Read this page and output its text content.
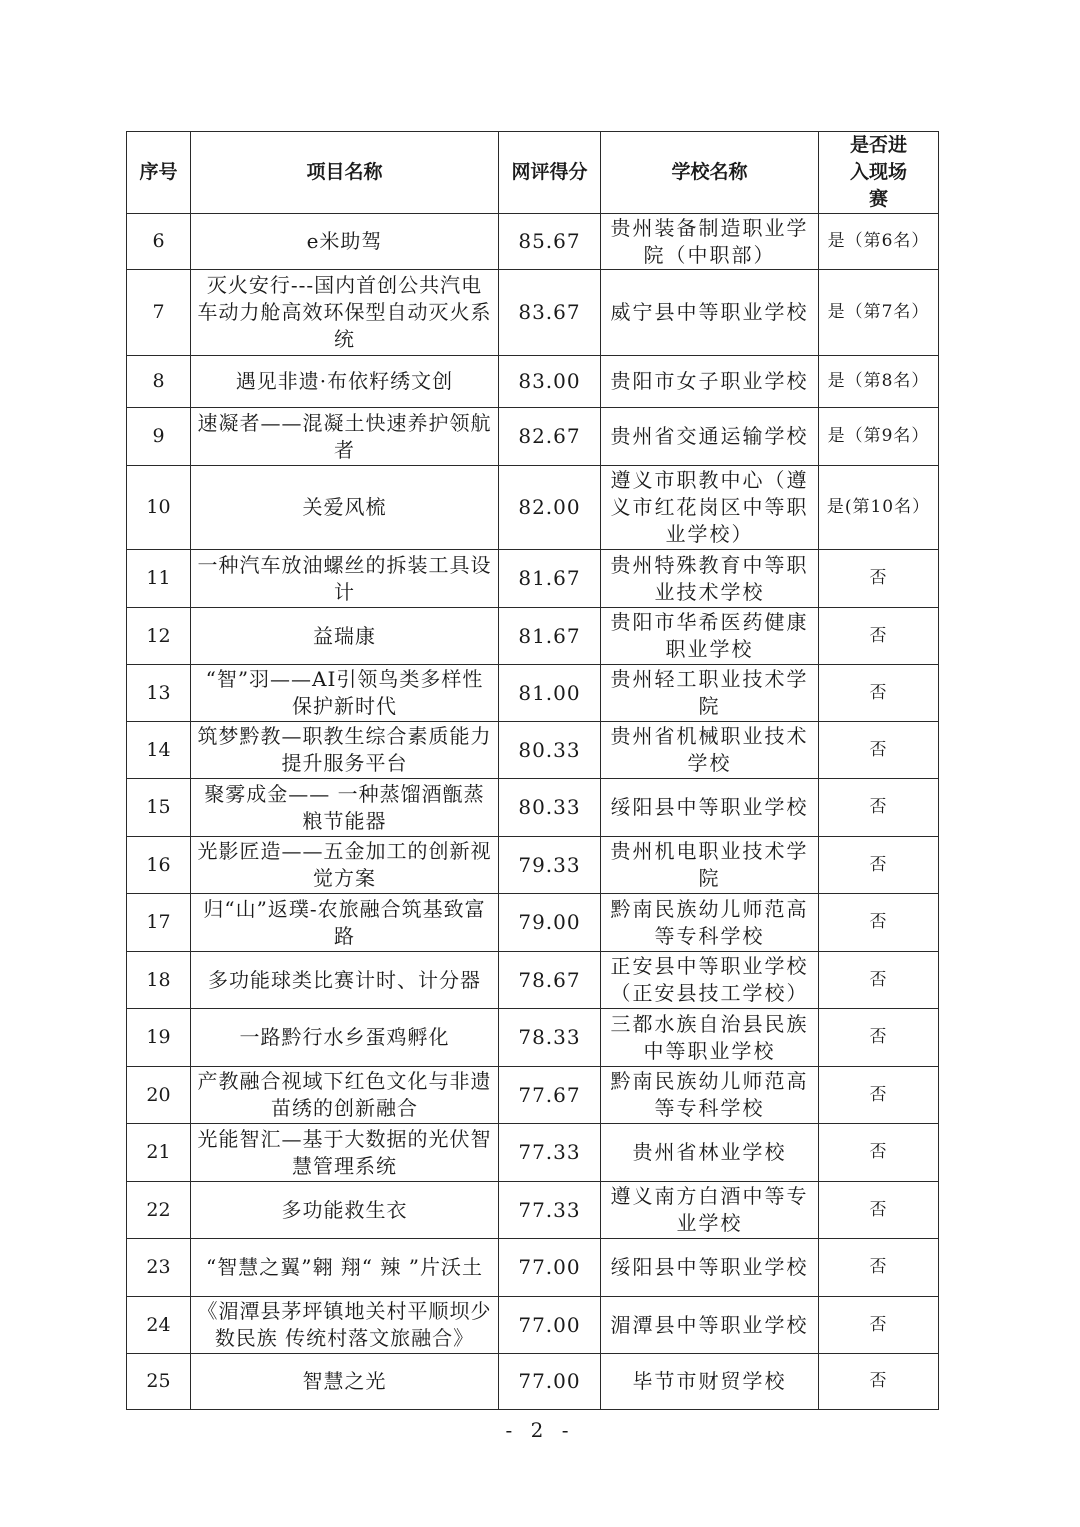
序号	项目名称	网评得分	学校名称	是否进入现场赛
6	e米助驾	85.67	贵州装备制造职业学院（中职部）	是（第6名）
7	灭火安行---国内首创公共汽电车动力舱高效环保型自动灭火系统	83.67	威宁县中等职业学校	是（第7名）
8	遇见非遗·布依籽绣文创	83.00	贵阳市女子职业学校	是（第8名）
9	速凝者——混凝土快速养护领航者	82.67	贵州省交通运输学校	是（第9名）
10	关爱风梳	82.00	遵义市职教中心（遵义市红花岗区中等职业学校）	是(第10名）
11	一种汽车放油螺丝的拆装工具设计	81.67	贵州特殊教育中等职业技术学校	否
12	益瑞康	81.67	贵阳市华希医药健康职业学校	否
13	“智”羽——AI引领鸟类多样性保护新时代	81.00	贵州轻工职业技术学院	否
14	筑梦黔教—职教生综合素质能力提升服务平台	80.33	贵州省机械职业技术学校	否
15	聚雾成金—— 一种蒸馏酒甑蒸粮节能器	80.33	绥阳县中等职业学校	否
16	光影匠造——五金加工的创新视觉方案	79.33	贵州机电职业技术学院	否
17	归“山”返璞-农旅融合筑基致富路	79.00	黔南民族幼儿师范高等专科学校	否
18	多功能球类比赛计时、计分器	78.67	正安县中等职业学校（正安县技工学校）	否
19	一路黔行水乡蛋鸡孵化	78.33	三都水族自治县民族中等职业学校	否
20	产教融合视域下红色文化与非遗苗绣的创新融合	77.67	黔南民族幼儿师范高等专科学校	否
21	光能智汇—基于大数据的光伏智慧管理系统	77.33	贵州省林业学校	否
22	多功能救生衣	77.33	遵义南方白酒中等专业学校	否
23	“智慧之翼”翱 翔“ 辣 ”片沃土	77.00	绥阳县中等职业学校	否
24	《湄潭县茅坪镇地关村平顺坝少数民族 传统村落文旅融合》	77.00	湄潭县中等职业学校	否
25	智慧之光	77.00	毕节市财贸学校	否
- 2 -
